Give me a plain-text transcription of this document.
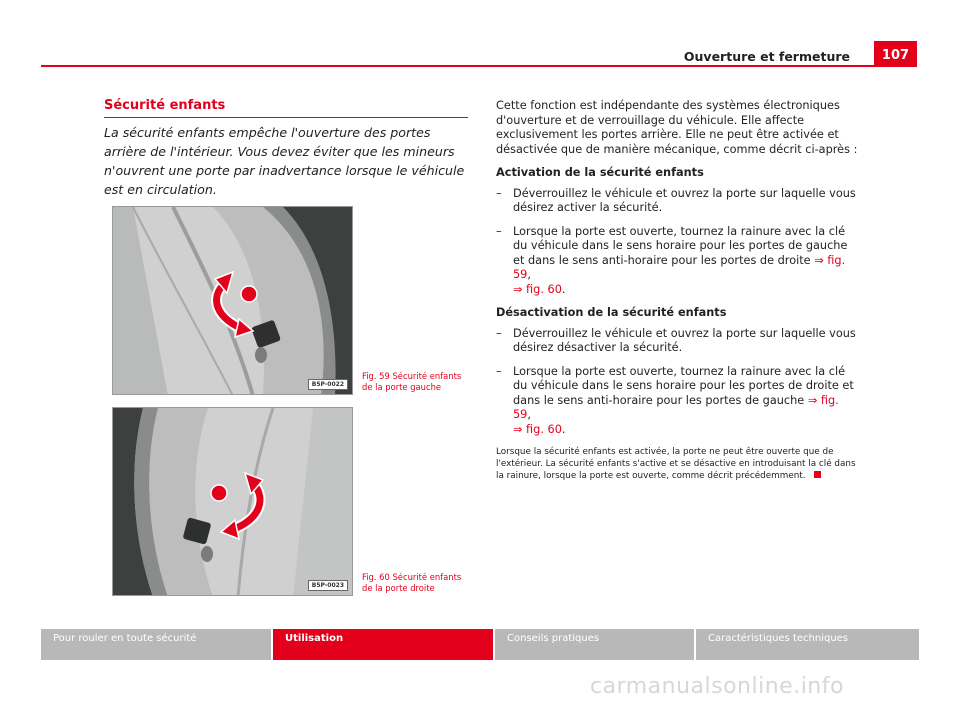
Ouverture et fermeture	107
Sécurité enfants

La sécurité enfants empêche l'ouverture des portes arrière de l'intérieur. Vous devez éviter que les mineurs n'ouvrent une porte par inadvertance lorsque le véhicule est en circulation.

B5P-0022
Fig. 59 Sécurité enfants de la porte gauche
B5P-0023
Fig. 60 Sécurité enfants de la porte droite

Cette fonction est indépendante des systèmes électroniques d'ouverture et de verrouillage du véhicule. Elle affecte exclusivement les portes arrière. Elle ne peut être activée et désactivée que de manière mécanique, comme décrit ci-après :

Activation de la sécurité enfants

– Déverrouillez le véhicule et ouvrez la porte sur laquelle vous désirez activer la sécurité.
– Lorsque la porte est ouverte, tournez la rainure avec la clé du véhicule dans le sens horaire pour les portes de gauche et dans le sens anti-horaire pour les portes de droite ⇒ fig. 59,
⇒ fig. 60.

Désactivation de la sécurité enfants

– Déverrouillez le véhicule et ouvrez la porte sur laquelle vous désirez désactiver la sécurité.
– Lorsque la porte est ouverte, tournez la rainure avec la clé du véhicule dans le sens horaire pour les portes de droite et dans le sens anti-horaire pour les portes de gauche ⇒ fig. 59,
⇒ fig. 60.

Lorsque la sécurité enfants est activée, la porte ne peut être ouverte que de l'extérieur. La sécurité enfants s'active et se désactive en introduisant la clé dans la rainure, lorsque la porte est ouverte, comme décrit précédemment.

Pour rouler en toute sécurité	Utilisation	Conseils pratiques	Caractéristiques techniques
carmanualsonline.info
